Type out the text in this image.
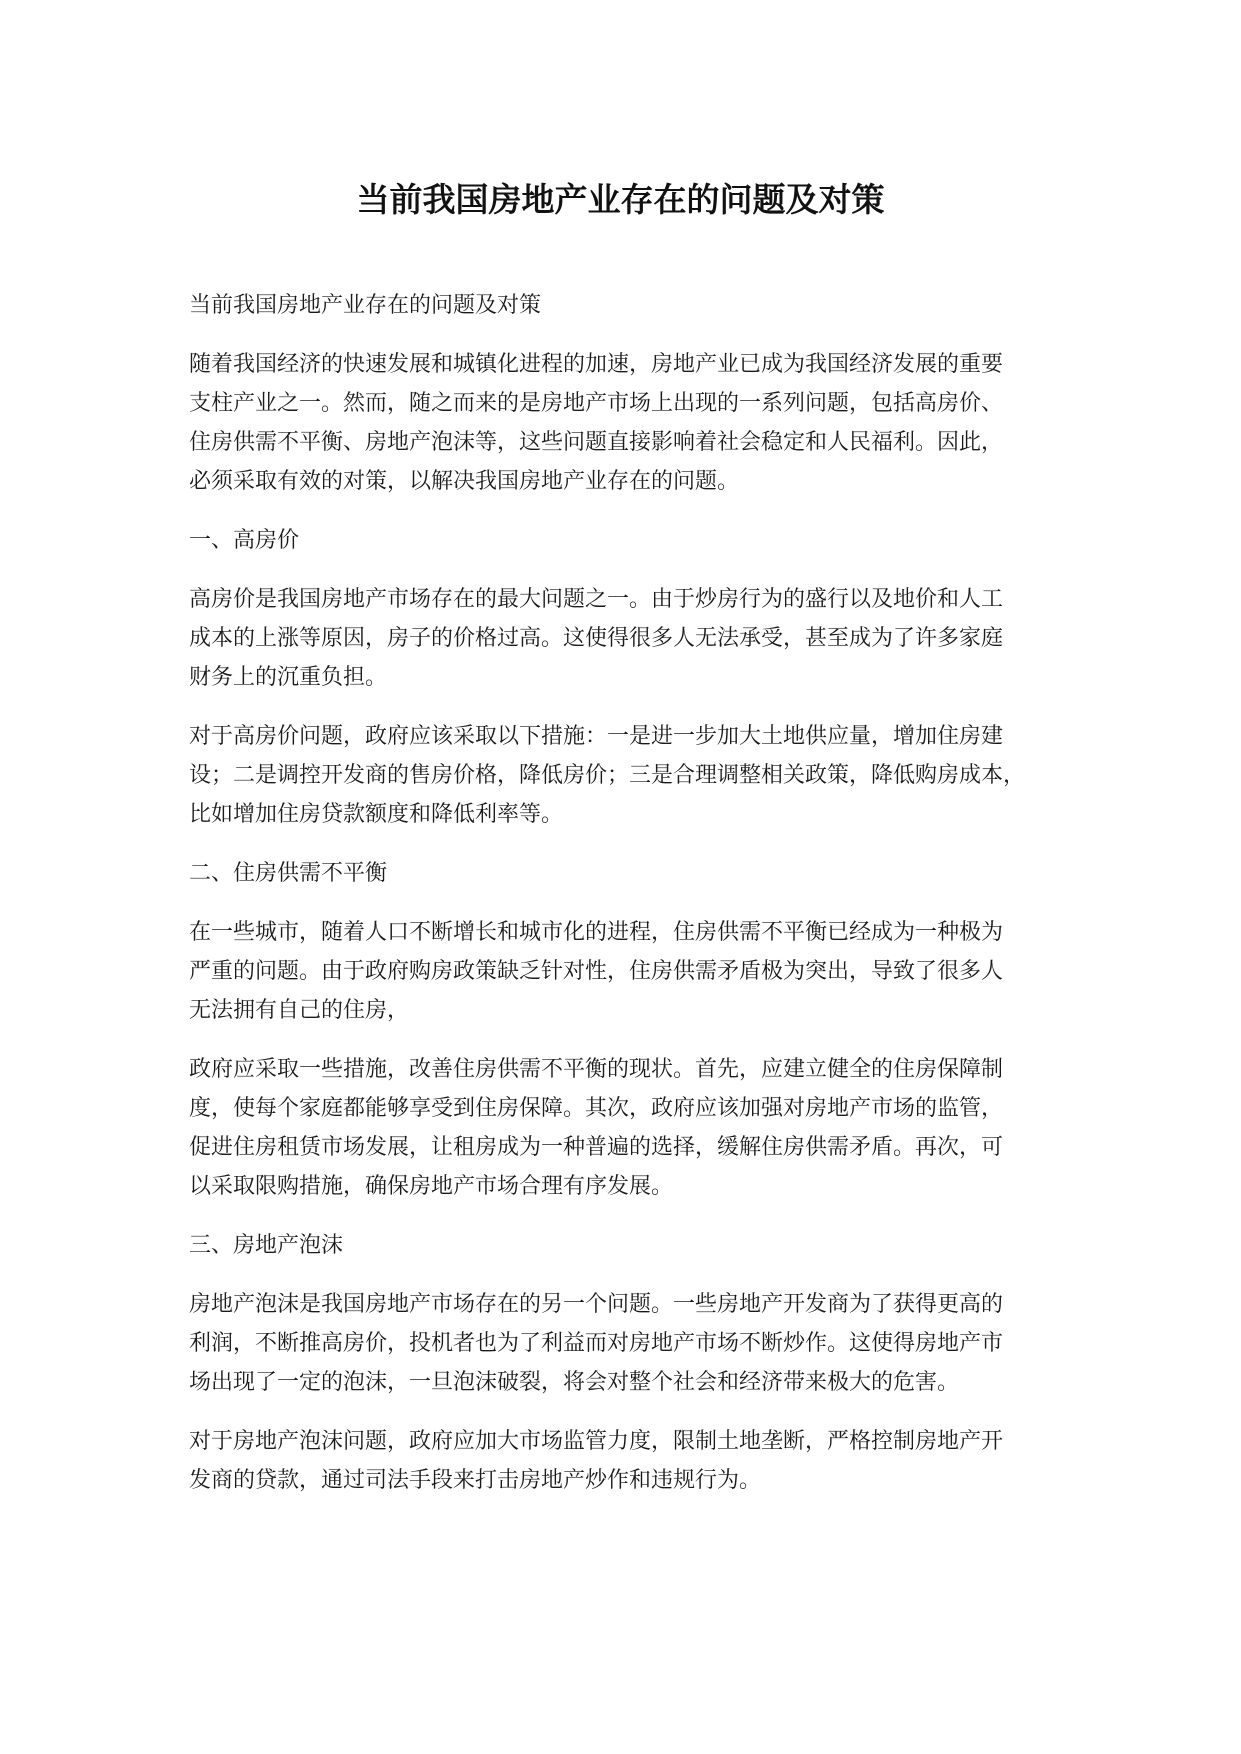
当前我国房地产业存在的问题及对策

当前我国房地产业存在的问题及对策

随着我国经济的快速发展和城镇化进程的加速，房地产业已成为我国经济发展的重要
支柱产业之一。然而，随之而来的是房地产市场上出现的一系列问题，包括高房价、
住房供需不平衡、房地产泡沫等，这些问题直接影响着社会稳定和人民福利。因此，
必须采取有效的对策，以解决我国房地产业存在的问题。

一、高房价

高房价是我国房地产市场存在的最大问题之一。由于炒房行为的盛行以及地价和人工
成本的上涨等原因，房子的价格过高。这使得很多人无法承受，甚至成为了许多家庭
财务上的沉重负担。

对于高房价问题，政府应该采取以下措施：一是进一步加大土地供应量，增加住房建
设；二是调控开发商的售房价格，降低房价；三是合理调整相关政策，降低购房成本，
比如增加住房贷款额度和降低利率等。

二、住房供需不平衡

在一些城市，随着人口不断增长和城市化的进程，住房供需不平衡已经成为一种极为
严重的问题。由于政府购房政策缺乏针对性，住房供需矛盾极为突出，导致了很多人
无法拥有自己的住房，

政府应采取一些措施，改善住房供需不平衡的现状。首先，应建立健全的住房保障制
度，使每个家庭都能够享受到住房保障。其次，政府应该加强对房地产市场的监管，
促进住房租赁市场发展，让租房成为一种普遍的选择，缓解住房供需矛盾。再次，可
以采取限购措施，确保房地产市场合理有序发展。

三、房地产泡沫

房地产泡沫是我国房地产市场存在的另一个问题。一些房地产开发商为了获得更高的
利润，不断推高房价，投机者也为了利益而对房地产市场不断炒作。这使得房地产市
场出现了一定的泡沫，一旦泡沫破裂，将会对整个社会和经济带来极大的危害。

对于房地产泡沫问题，政府应加大市场监管力度，限制土地垄断，严格控制房地产开
发商的贷款，通过司法手段来打击房地产炒作和违规行为。
